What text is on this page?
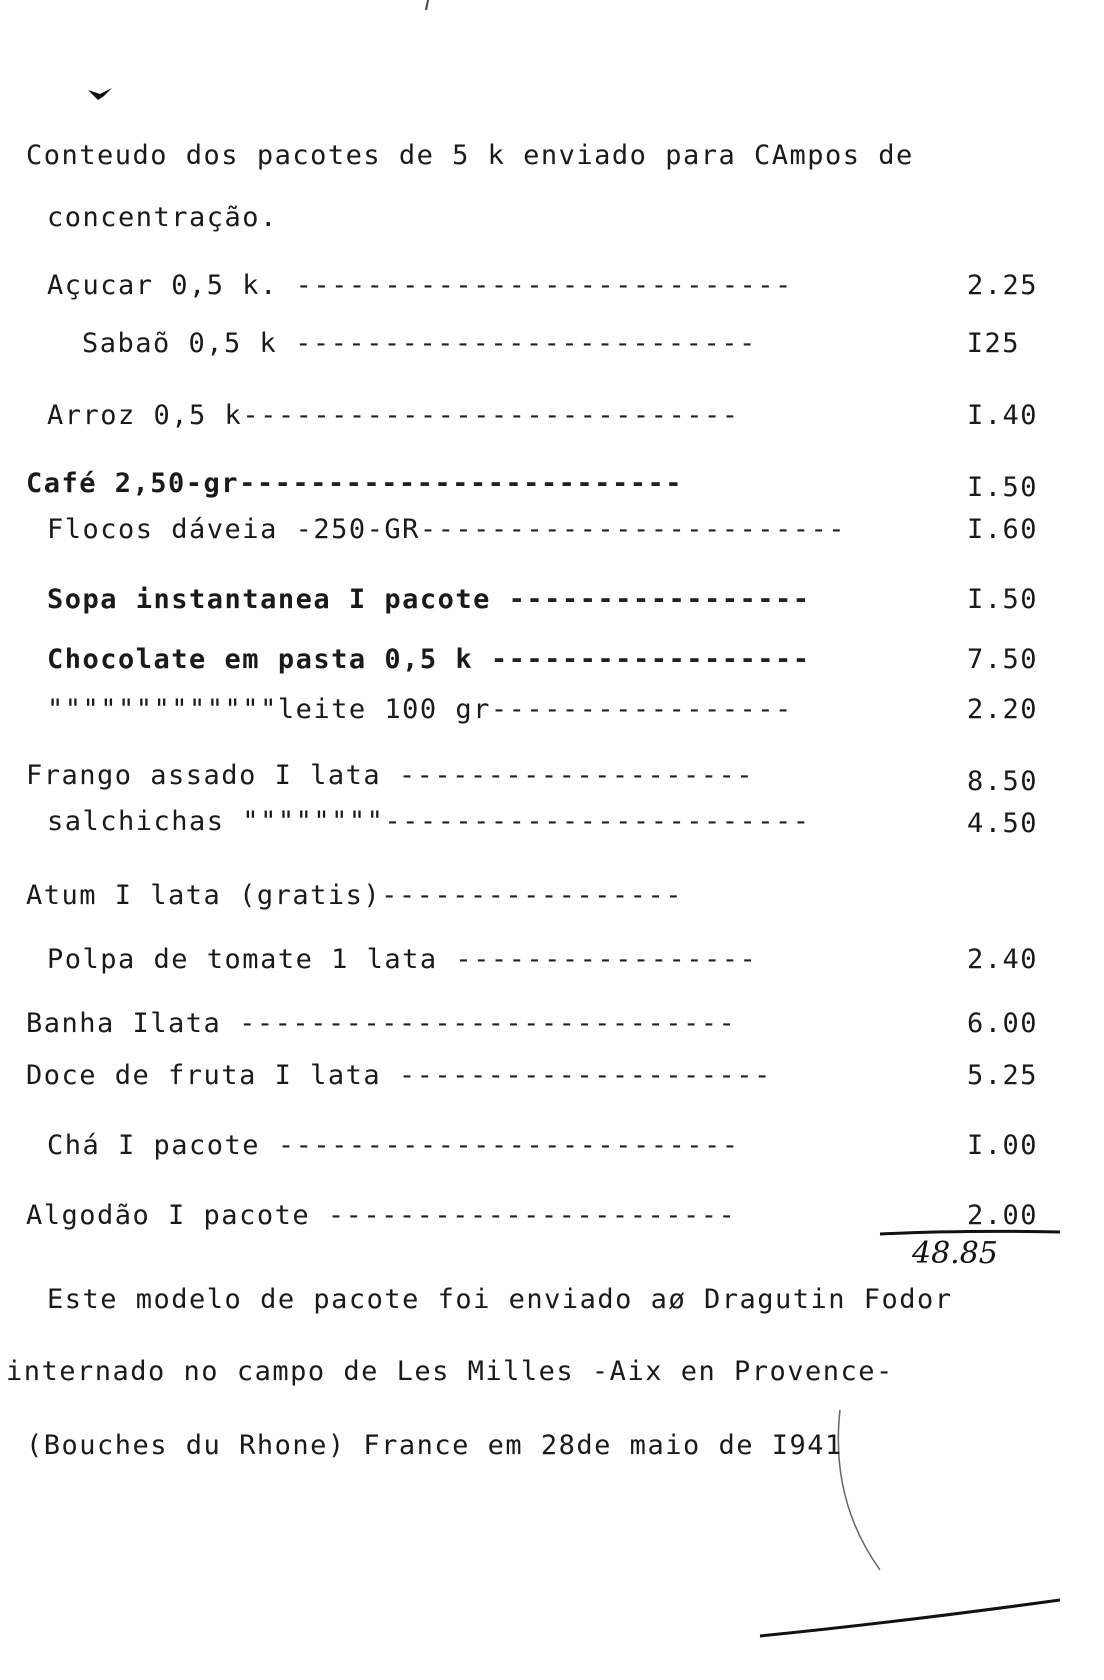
Conteudo dos pacotes de 5 k enviado para CAmpos de
concentração.
Açucar 0,5 k. ----------------------------	2.25
Sabaõ 0,5 k --------------------------	I25
Arroz 0,5 k----------------------------	I.40
Café 2,50-gr-------------------------	I.50
Flocos dáveia -250-GR------------------------	I.60
Sopa instantanea I pacote -----------------	I.50
Chocolate em pasta 0,5 k ------------------	7.50
"""""""""""""leite 100 gr-----------------	2.20
Frango assado I lata --------------------	8.50
salchichas """"""""------------------------	4.50
Atum I lata (gratis)-----------------
Polpa de tomate 1 lata -----------------	2.40
Banha Ilata ----------------------------	6.00
Doce de fruta I lata ---------------------	5.25
Chá I pacote --------------------------	I.00
Algodão I pacote -----------------------	2.00
48.85
Este modelo de pacote foi enviado aø Dragutin Fodor
internado no campo de Les Milles -Aix en Provence-
(Bouches du Rhone) France em 28de maio de I941
